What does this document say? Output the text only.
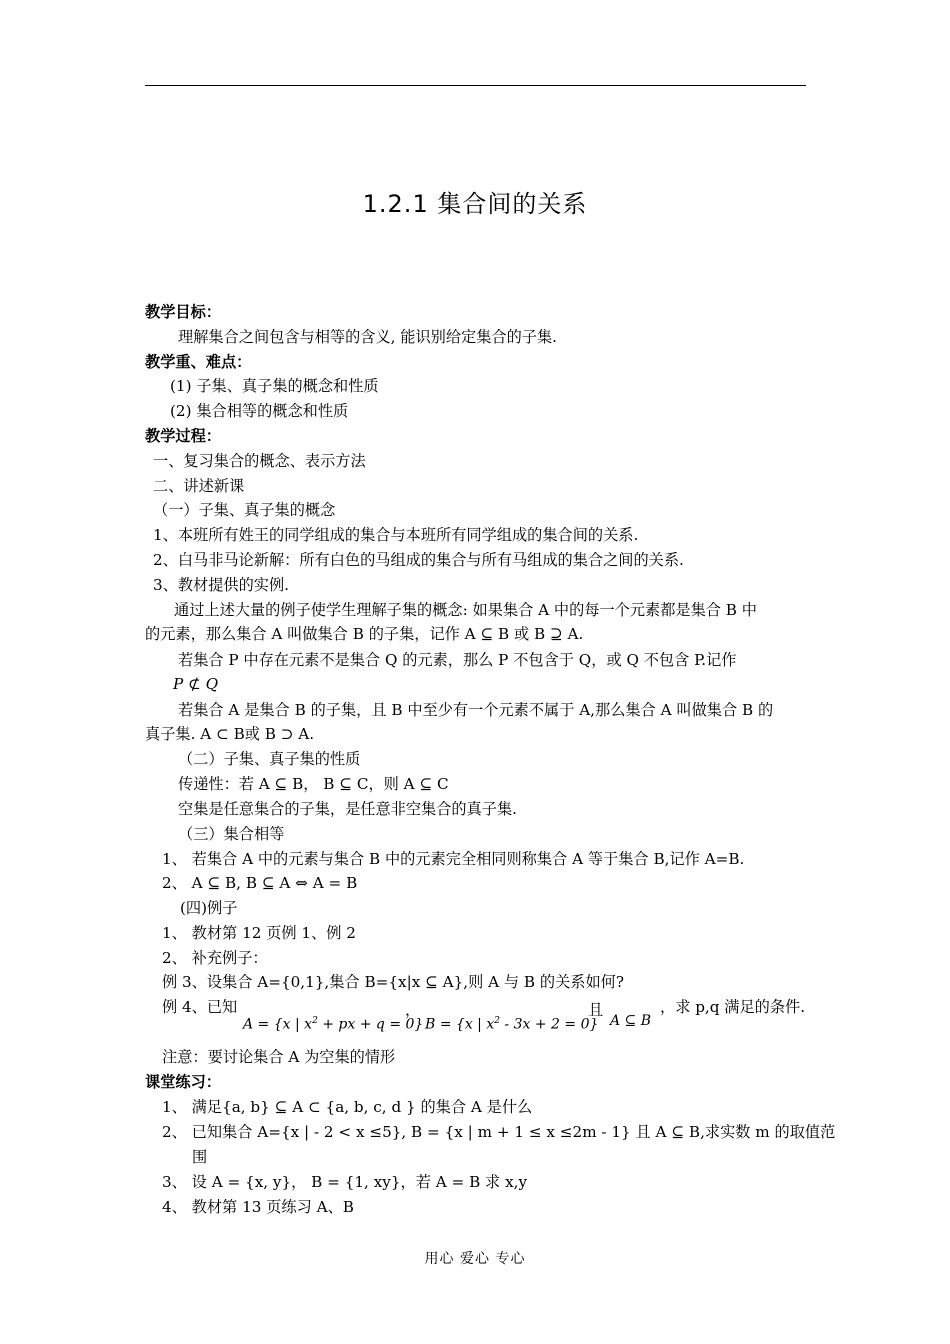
1.2.1 集合间的关系
教学目标：
理解集合之间包含与相等的含义, 能识别给定集合的子集.
教学重、难点：
(1) 子集、真子集的概念和性质
(2) 集合相等的概念和性质
教学过程：
一、复习集合的概念、表示方法
二、讲述新课
（一）子集、真子集的概念
1、本班所有姓王的同学组成的集合与本班所有同学组成的集合间的关系.
2、白马非马论新解：所有白色的马组成的集合与所有马组成的集合之间的关系.
3、教材提供的实例.
通过上述大量的例子使学生理解子集的概念: 如果集合 A 中的每一个元素都是集合 B 中
的元素，那么集合 A 叫做集合 B 的子集，记作 A ⊆ B 或 B ⊇ A.
若集合 P 中存在元素不是集合 Q 的元素，那么 P 不包含于 Q，或 Q 不包含 P.记作
P ⊄ Q
若集合 A 是集合 B 的子集，且 B 中至少有一个元素不属于 A,那么集合 A 叫做集合 B 的
真子集. A ⊂ B或 B ⊃ A.
（二）子集、真子集的性质
传递性：若 A ⊆ B， B ⊆ C，则 A ⊆ C
空集是任意集合的子集，是任意非空集合的真子集.
（三）集合相等
1、 若集合 A 中的元素与集合 B 中的元素完全相同则称集合 A 等于集合 B,记作 A=B.
2、 A ⊆ B, B ⊆ A ⇔ A = B
(四)例子
1、 教材第 12 页例 1、例 2
2、 补充例子：
例 3、设集合 A={0,1},集合 B={x|x ⊆ A},则 A 与 B 的关系如何?
例 4、已知
A = {x | $x^2$ + px + q = 0}
，
B = {x | $x^2 - 3x + 2 = 0$}
且
A ⊆ B
，求 p,q 满足的条件.
注意：要讨论集合 A 为空集的情形
课堂练习：
1、 满足{a, b} ⊆ A ⊂ {a, b, c, d } 的集合 A 是什么
2、 已知集合 A={x | - 2 < x ≤5}, B = {x | m + 1 ≤ x ≤2m - 1} 且 A ⊆ B,求实数 m 的取值范
围
3、 设 A = {x, y}， B = {1, xy}，若 A = B 求 x,y
4、 教材第 13 页练习 A、B
用心 爱心 专心
